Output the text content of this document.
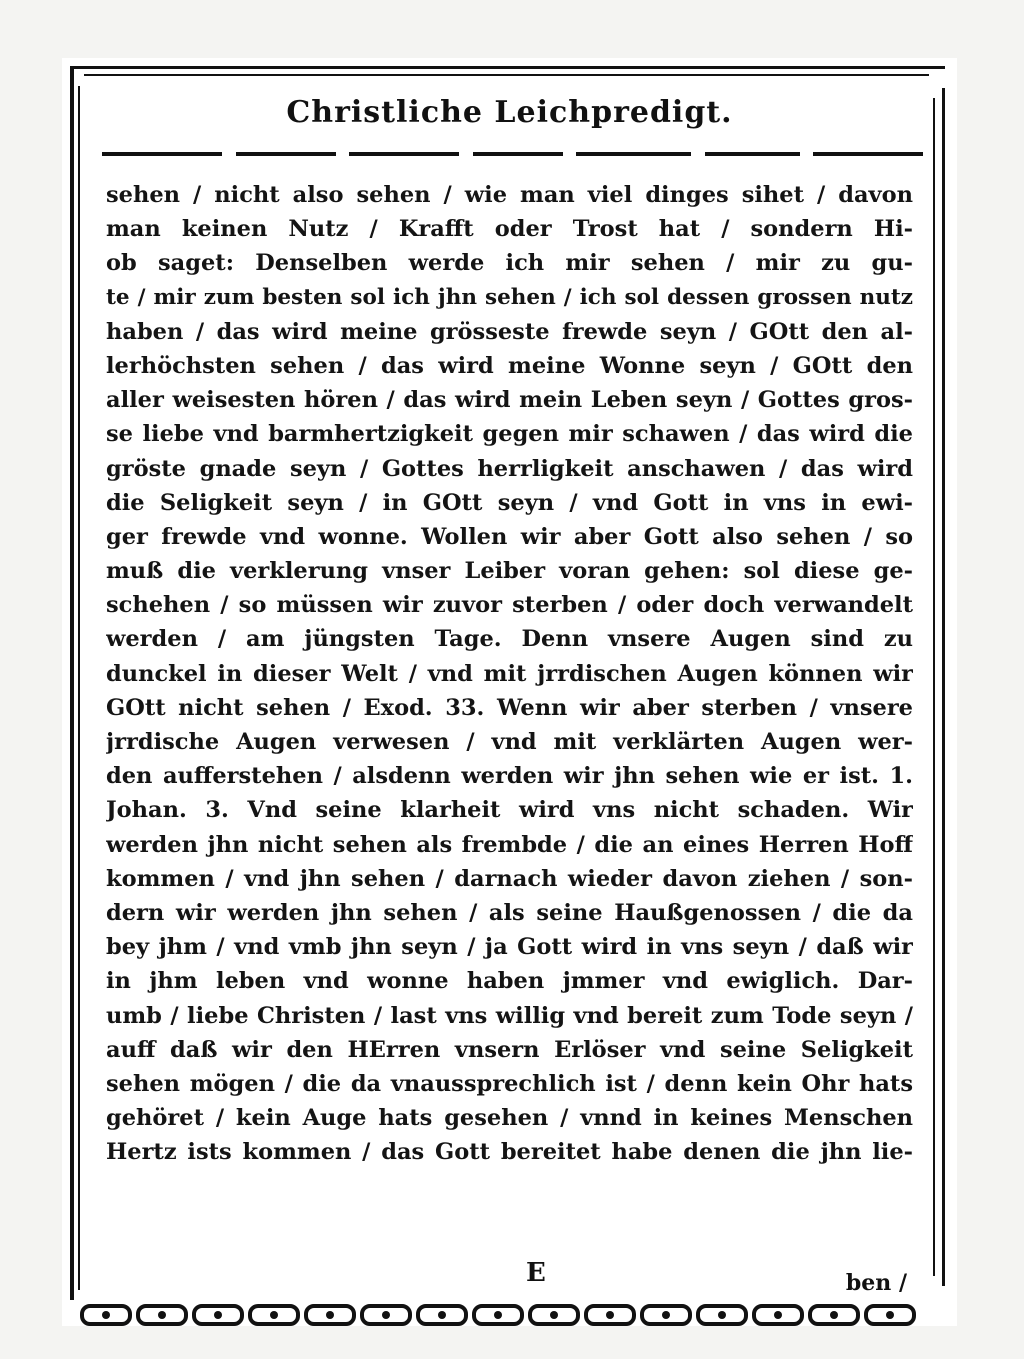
Christliche Leichpredigt.
sehen / nicht also sehen / wie man viel dinges sihet / davon
man keinen Nutz / Krafft oder Trost hat / sondern Hi-
ob saget: Denselben werde ich mir sehen / mir zu gu-
te / mir zum besten sol ich jhn sehen / ich sol dessen grossen nutz
haben / das wird meine grösseste frewde seyn / GOtt den al-
lerhöchsten sehen / das wird meine Wonne seyn / GOtt den
aller weisesten hören / das wird mein Leben seyn / Gottes gros-
se liebe vnd barmhertzigkeit gegen mir schawen / das wird die
gröste gnade seyn / Gottes herrligkeit anschawen / das wird
die Seligkeit seyn / in GOtt seyn / vnd Gott in vns in ewi-
ger frewde vnd wonne. Wollen wir aber Gott also sehen / so
muß die verklerung vnser Leiber voran gehen: sol diese ge-
schehen / so müssen wir zuvor sterben / oder doch verwandelt
werden / am jüngsten Tage. Denn vnsere Augen sind zu
dunckel in dieser Welt / vnd mit jrrdischen Augen können wir
GOtt nicht sehen / Exod. 33. Wenn wir aber sterben / vnsere
jrrdische Augen verwesen / vnd mit verklärten Augen wer-
den aufferstehen / alsdenn werden wir jhn sehen wie er ist. 1.
Johan. 3. Vnd seine klarheit wird vns nicht schaden. Wir
werden jhn nicht sehen als frembde / die an eines Herren Hoff
kommen / vnd jhn sehen / darnach wieder davon ziehen / son-
dern wir werden jhn sehen / als seine Haußgenossen / die da
bey jhm / vnd vmb jhn seyn / ja Gott wird in vns seyn / daß wir
in jhm leben vnd wonne haben jmmer vnd ewiglich. Dar-
umb / liebe Christen / last vns willig vnd bereit zum Tode seyn /
auff daß wir den HErren vnsern Erlöser vnd seine Seligkeit
sehen mögen / die da vnaussprechlich ist / denn kein Ohr hats
gehöret / kein Auge hats gesehen / vnnd in keines Menschen
Hertz ists kommen / das Gott bereitet habe denen die jhn lie-
E	ben /
